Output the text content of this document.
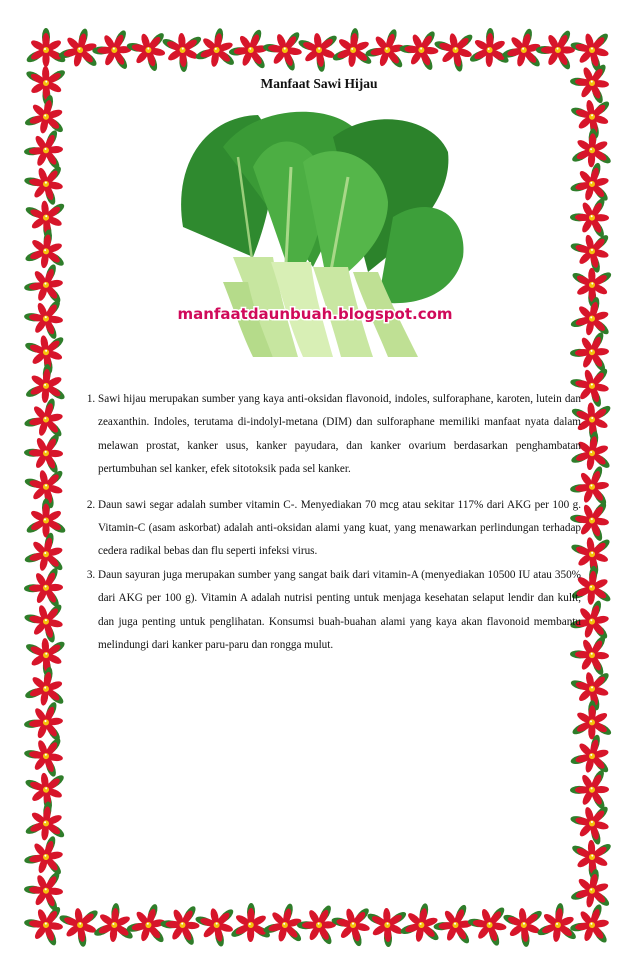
Manfaat Sawi Hijau
manfaatdaunbuah.blogspot.com
1. Sawi hijau merupakan sumber yang kaya anti-oksidan flavonoid, indoles, sulforaphane, karoten, lutein dan zeaxanthin. Indoles, terutama di-indolyl-metana (DIM) dan sulforaphane memiliki manfaat nyata dalam melawan prostat, kanker usus, kanker payudara, dan kanker ovarium berdasarkan penghambatan pertumbuhan sel kanker, efek sitotoksik pada sel kanker.
2. Daun sawi segar adalah sumber vitamin C-. Menyediakan 70 mcg atau sekitar 117% dari AKG per 100 g. Vitamin-C (asam askorbat) adalah anti-oksidan alami yang kuat, yang menawarkan perlindungan terhadap cedera radikal bebas dan flu seperti infeksi virus.
3. Daun sayuran juga merupakan sumber yang sangat baik dari vitamin-A (menyediakan 10500 IU atau 350% dari AKG per 100 g). Vitamin A adalah nutrisi penting untuk menjaga kesehatan selaput lendir dan kulit, dan juga penting untuk penglihatan. Konsumsi buah-buahan alami yang kaya akan flavonoid membantu melindungi dari kanker paru-paru dan rongga mulut.
